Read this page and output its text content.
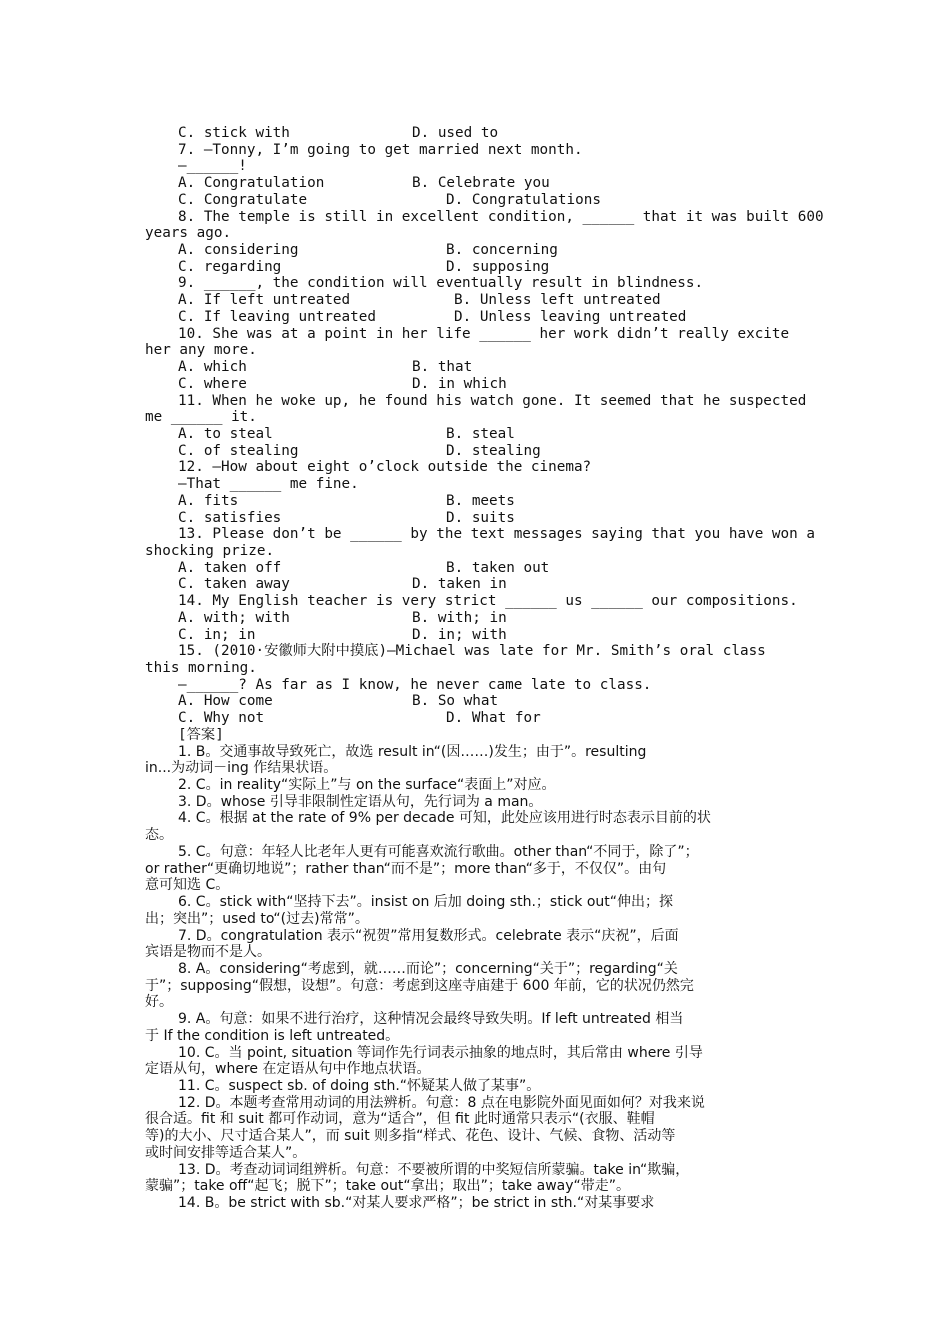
C. stick with	D. used to
7. —Tonny, I’m going to get married next month.
—______!
A. Congratulation	B. Celebrate you
C. Congratulate	D. Congratulations
8. The temple is still in excellent condition, ______ that it was built 600
years ago.
A. considering	B. concerning
C. regarding	D. supposing
9. ______, the condition will eventually result in blindness.
A. If left untreated	B. Unless left untreated
C. If leaving untreated	D. Unless leaving untreated
10. She was at a point in her life ______ her work didn’t really excite
her any more.
A. which	B. that
C. where	D. in which
11. When he woke up, he found his watch gone. It seemed that he suspected
me ______ it.
A. to steal	B. steal
C. of stealing	D. stealing
12. —How about eight o’clock outside the cinema?
—That ______ me fine.
A. fits	B. meets
C. satisfies	D. suits
13. Please don’t be ______ by the text messages saying that you have won a
shocking prize.
A. taken off	B. taken out
C. taken away	D. taken in
14. My English teacher is very strict ______ us ______ our compositions.
A. with; with	B. with; in
C. in; in	D. in; with
15. (2010·安徽师大附中摸底)—Michael was late for Mr. Smith’s oral class
this morning.
—______? As far as I know, he never came late to class.
A. How come	B. So what
C. Why not	D. What for
[答案]
1. B。交通事故导致死亡，故选 result in“(因……)发生；由于”。resulting
in...为动词－ing 作结果状语。
2. C。in reality“实际上”与 on the surface“表面上”对应。
3. D。whose 引导非限制性定语从句，先行词为 a man。
4. C。根据 at the rate of 9% per decade 可知，此处应该用进行时态表示目前的状
态。
5. C。句意：年轻人比老年人更有可能喜欢流行歌曲。other than“不同于，除了”；
or rather“更确切地说”；rather than“而不是”；more than“多于，不仅仅”。由句
意可知选 C。
6. C。stick with“坚持下去”。insist on 后加 doing sth.；stick out“伸出；探
出；突出”；used to“(过去)常常”。
7. D。congratulation 表示“祝贺”常用复数形式。celebrate 表示“庆祝”，后面
宾语是物而不是人。
8. A。considering“考虑到，就……而论”；concerning“关于”；regarding“关
于”；supposing“假想，设想”。句意：考虑到这座寺庙建于 600 年前，它的状况仍然完
好。
9. A。句意：如果不进行治疗，这种情况会最终导致失明。If left untreated 相当
于 If the condition is left untreated。
10. C。当 point, situation 等词作先行词表示抽象的地点时，其后常由 where 引导
定语从句，where 在定语从句中作地点状语。
11. C。suspect sb. of doing sth.“怀疑某人做了某事”。
12. D。本题考查常用动词的用法辨析。句意：8 点在电影院外面见面如何？对我来说
很合适。fit 和 suit 都可作动词，意为“适合”，但 fit 此时通常只表示“(衣服、鞋帽
等)的大小、尺寸适合某人”，而 suit 则多指“样式、花色、设计、气候、食物、活动等
或时间安排等适合某人”。
13. D。考查动词词组辨析。句意：不要被所谓的中奖短信所蒙骗。take in“欺骗，
蒙骗”；take off“起飞；脱下”；take out“拿出；取出”；take away“带走”。
14. B。be strict with sb.“对某人要求严格”；be strict in sth.“对某事要求
